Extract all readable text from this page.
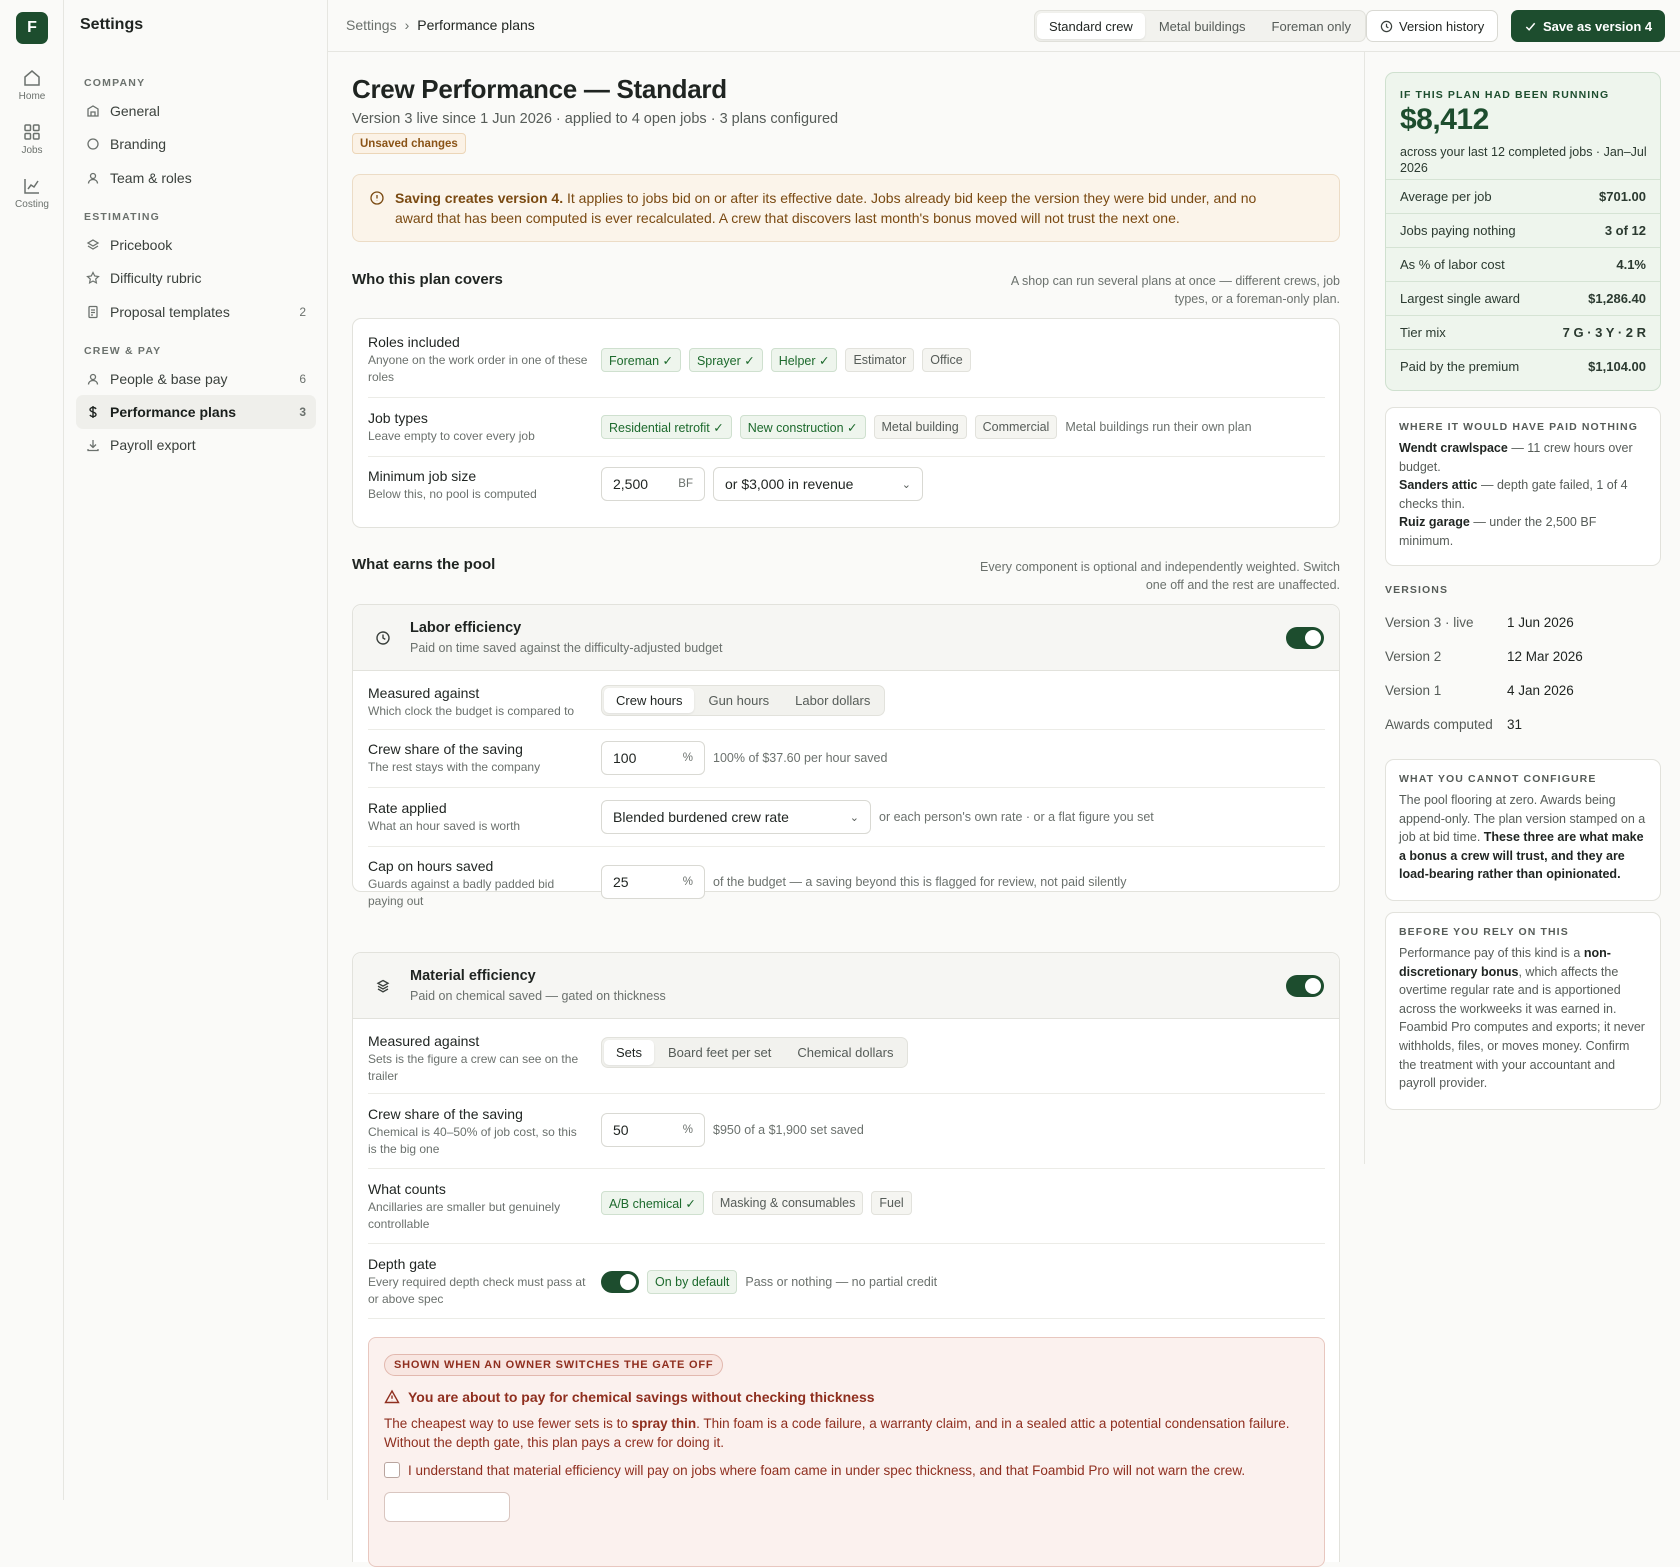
F
Home
Jobs
Costing
Settings
COMPANY
General
Branding
Team & roles
ESTIMATING
Pricebook
Difficulty rubric
Proposal templates	2
CREW & PAY
People & base pay	6
Performance plans	3
Payroll export
Settings › Performance plans	Standard crew	Metal buildings	Foreman only	Version history	Save as version 4
Crew Performance — Standard
Version 3 live since 1 Jun 2026 · applied to 4 open jobs · 3 plans configured
Unsaved changes
Saving creates version 4. It applies to jobs bid on or after its effective date. Jobs already bid keep the version they were bid under, and no award that has been computed is ever recalculated. A crew that discovers last month's bonus moved will not trust the next one.
Who this plan covers	A shop can run several plans at once — different crews, job types, or a foreman-only plan.
Roles included
Anyone on the work order in one of these roles
Foreman ✓	Sprayer ✓	Helper ✓	Estimator	Office
Job types
Leave empty to cover every job
Residential retrofit ✓	New construction ✓	Metal building	Commercial	Metal buildings run their own plan
Minimum job size
Below this, no pool is computed
2,500	BF or $3,000 in revenue	⌄
What earns the pool	Every component is optional and independently weighted. Switch one off and the rest are unaffected.
Labor efficiency
Paid on time saved against the difficulty-adjusted budget
Measured against
Which clock the budget is compared to
Crew hours	Gun hours	Labor dollars
Crew share of the saving
The rest stays with the company
100	% 100% of $37.60 per hour saved
Rate applied
What an hour saved is worth
Blended burdened crew rate	⌄ or each person's own rate · or a flat figure you set
Cap on hours saved
Guards against a badly padded bid paying out
25	% of the budget — a saving beyond this is flagged for review, not paid silently
Material efficiency
Paid on chemical saved — gated on thickness
Measured against
Sets is the figure a crew can see on the trailer
Sets	Board feet per set	Chemical dollars
Crew share of the saving
Chemical is 40–50% of job cost, so this is the big one
50	% $950 of a $1,900 set saved
What counts
Ancillaries are smaller but genuinely controllable
A/B chemical ✓	Masking & consumables	Fuel
Depth gate
Every required depth check must pass at or above spec
On by default	Pass or nothing — no partial credit
SHOWN WHEN AN OWNER SWITCHES THE GATE OFF
You are about to pay for chemical savings without checking thickness
The cheapest way to use fewer sets is to spray thin. Thin foam is a code failure, a warranty claim, and in a sealed attic a potential condensation failure. Without the depth gate, this plan pays a crew for doing it.
I understand that material efficiency will pay on jobs where foam came in under spec thickness, and that Foambid Pro will not warn the crew.
IF THIS PLAN HAD BEEN RUNNING
$8,412
across your last 12 completed jobs · Jan–Jul 2026
Average per job	$701.00
Jobs paying nothing	3 of 12
As % of labor cost	4.1%
Largest single award	$1,286.40
Tier mix	7 G · 3 Y · 2 R
Paid by the premium	$1,104.00
WHERE IT WOULD HAVE PAID NOTHING

Wendt crawlspace — 11 crew hours over budget.

Sanders attic — depth gate failed, 1 of 4 checks thin.

Ruiz garage — under the 2,500 BF minimum.

VERSIONS
Version 3 · live	1 Jun 2026
Version 2	12 Mar 2026
Version 1	4 Jan 2026
Awards computed	31
WHAT YOU CANNOT CONFIGURE

The pool flooring at zero. Awards being append-only. The plan version stamped on a job at bid time. These three are what make a bonus a crew will trust, and they are load-bearing rather than opinionated.

BEFORE YOU RELY ON THIS

Performance pay of this kind is a non-discretionary bonus, which affects the overtime regular rate and is apportioned across the workweeks it was earned in. Foambid Pro computes and exports; it never withholds, files, or moves money. Confirm the treatment with your accountant and payroll provider.
